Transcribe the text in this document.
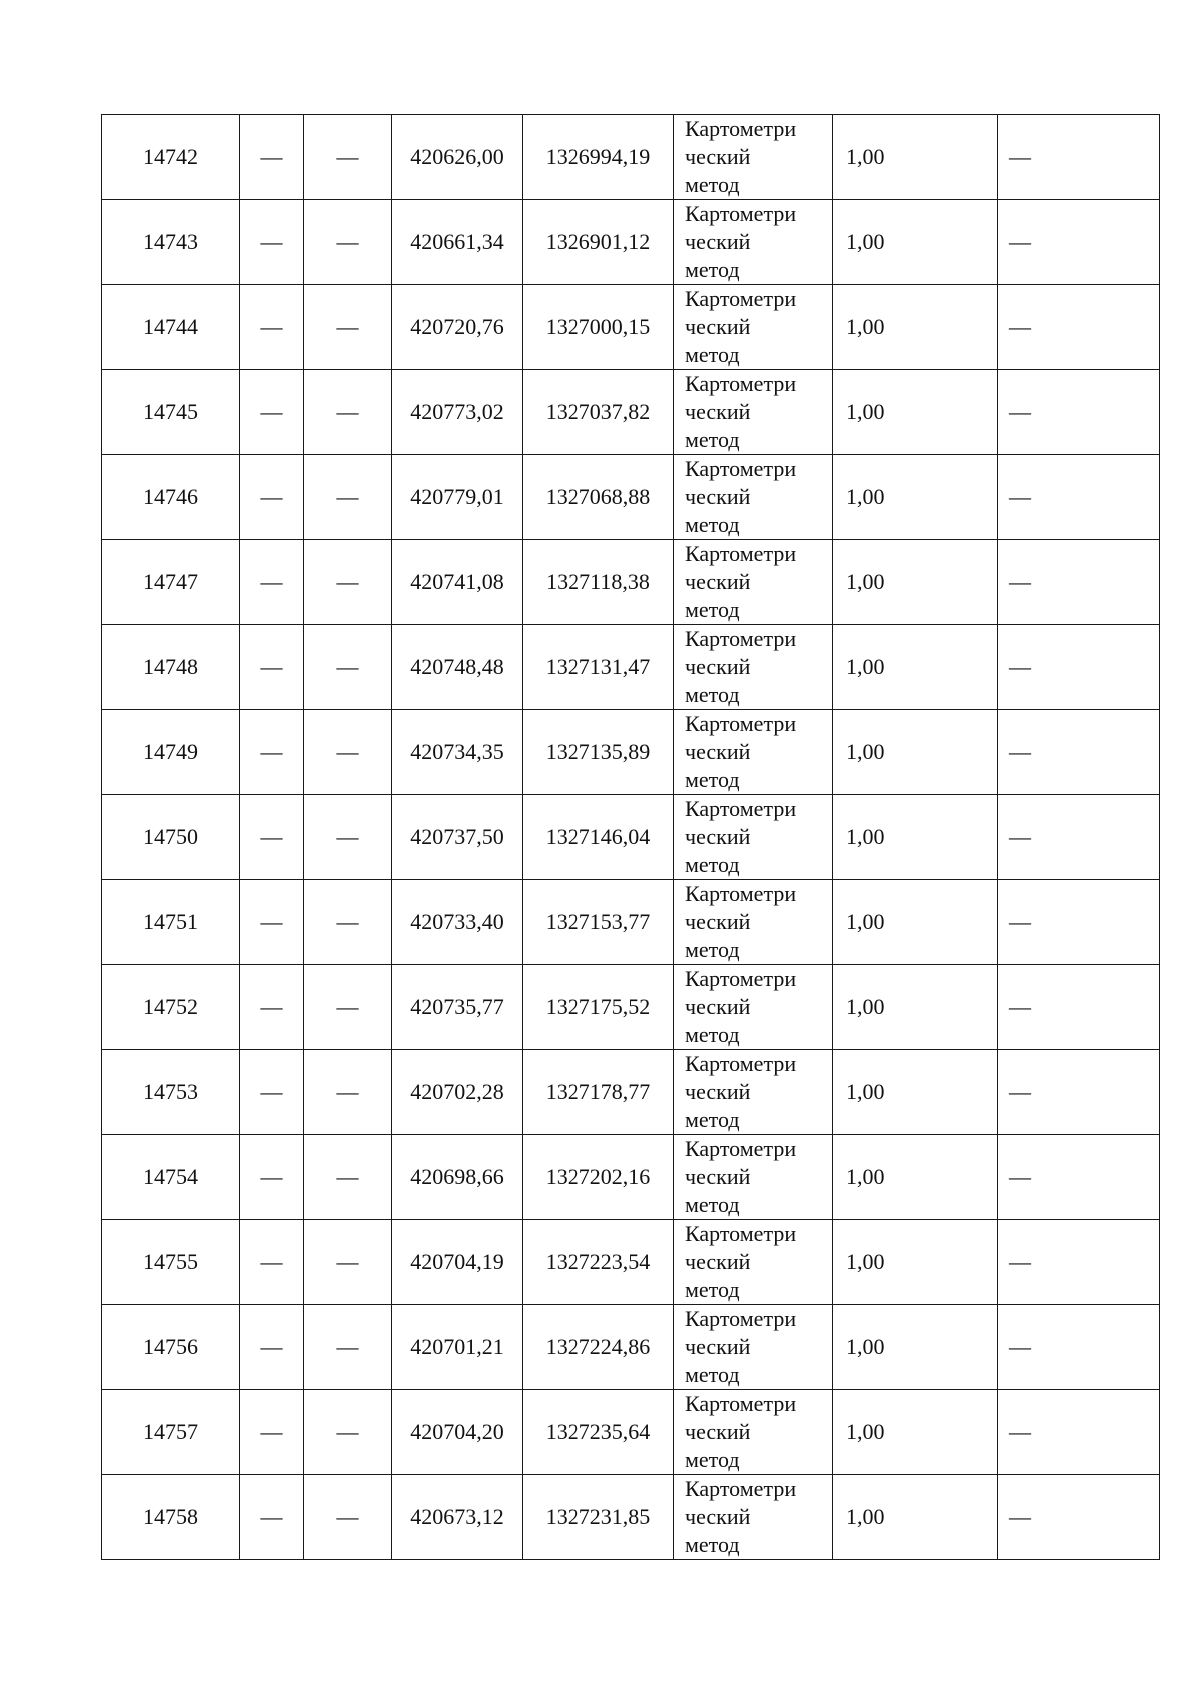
14742	—	—	420626,00	1326994,19	Картометри
ческий
метод	1,00	—
14743	—	—	420661,34	1326901,12	Картометри
ческий
метод	1,00	—
14744	—	—	420720,76	1327000,15	Картометри
ческий
метод	1,00	—
14745	—	—	420773,02	1327037,82	Картометри
ческий
метод	1,00	—
14746	—	—	420779,01	1327068,88	Картометри
ческий
метод	1,00	—
14747	—	—	420741,08	1327118,38	Картометри
ческий
метод	1,00	—
14748	—	—	420748,48	1327131,47	Картометри
ческий
метод	1,00	—
14749	—	—	420734,35	1327135,89	Картометри
ческий
метод	1,00	—
14750	—	—	420737,50	1327146,04	Картометри
ческий
метод	1,00	—
14751	—	—	420733,40	1327153,77	Картометри
ческий
метод	1,00	—
14752	—	—	420735,77	1327175,52	Картометри
ческий
метод	1,00	—
14753	—	—	420702,28	1327178,77	Картометри
ческий
метод	1,00	—
14754	—	—	420698,66	1327202,16	Картометри
ческий
метод	1,00	—
14755	—	—	420704,19	1327223,54	Картометри
ческий
метод	1,00	—
14756	—	—	420701,21	1327224,86	Картометри
ческий
метод	1,00	—
14757	—	—	420704,20	1327235,64	Картометри
ческий
метод	1,00	—
14758	—	—	420673,12	1327231,85	Картометри
ческий
метод	1,00	—
